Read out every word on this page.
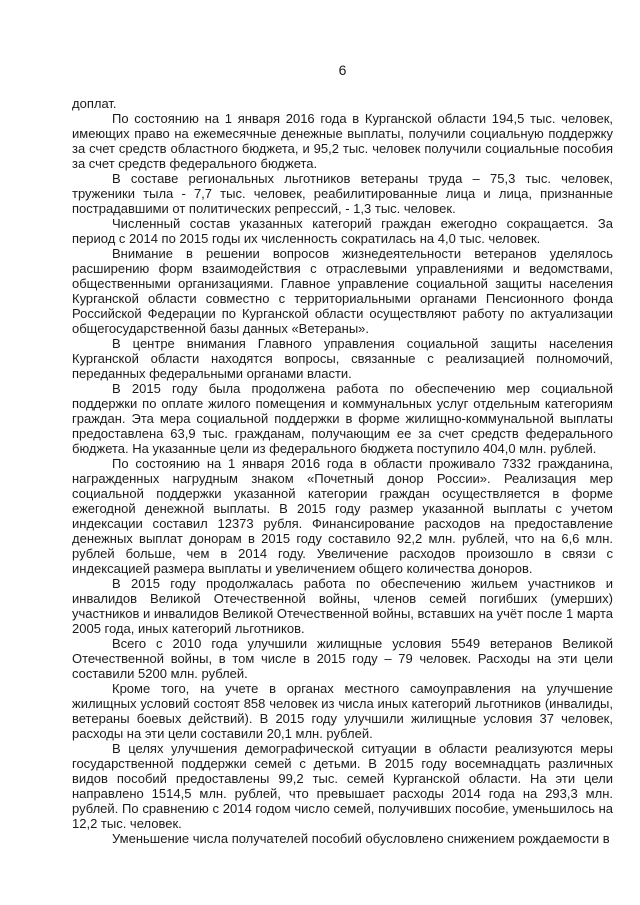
6

доплат.

По состоянию на 1 января 2016 года в Курганской области 194,5 тыс. человек, имеющих право на ежемесячные денежные выплаты, получили социальную поддержку за счет средств областного бюджета, и 95,2 тыс. человек получили социальные пособия за счет средств федерального бюджета.

В составе региональных льготников ветераны труда – 75,3 тыс. человек, труженики тыла - 7,7 тыс. человек, реабилитированные лица и лица, признанные пострадавшими от политических репрессий, - 1,3 тыс. человек.

Численный состав указанных категорий граждан ежегодно сокращается. За период с 2014 по 2015 годы их численность сократилась на 4,0 тыс. человек.

Внимание в решении вопросов жизнедеятельности ветеранов уделялось расширению форм взаимодействия с отраслевыми управлениями и ведомствами, общественными организациями. Главное управление социальной защиты населения Курганской области совместно с территориальными органами Пенсионного фонда Российской Федерации по Курганской области осуществляют работу по актуализации общегосударственной базы данных «Ветераны».

В центре внимания Главного управления социальной защиты населения Курганской области находятся вопросы, связанные с реализацией полномочий, переданных федеральными органами власти.

В 2015 году была продолжена работа по обеспечению мер социальной поддержки по оплате жилого помещения и коммунальных услуг отдельным категориям граждан. Эта мера социальной поддержки в форме жилищно-коммунальной выплаты предоставлена 63,9 тыс. гражданам, получающим ее за счет средств федерального бюджета. На указанные цели из федерального бюджета поступило 404,0 млн. рублей.

По состоянию на 1 января 2016 года в области проживало 7332 гражданина, награжденных нагрудным знаком «Почетный донор России». Реализация мер социальной поддержки указанной категории граждан осуществляется в форме ежегодной денежной выплаты. В 2015 году размер указанной выплаты с учетом индексации составил 12373 рубля. Финансирование расходов на предоставление денежных выплат донорам в 2015 году составило 92,2 млн. рублей, что на 6,6 млн. рублей больше, чем в 2014 году. Увеличение расходов произошло в связи с индексацией размера выплаты и увеличением общего количества доноров.

В 2015 году продолжалась работа по обеспечению жильем участников и инвалидов Великой Отечественной войны, членов семей погибших (умерших) участников и инвалидов Великой Отечественной войны, вставших на учёт после 1 марта 2005 года, иных категорий льготников.

Всего с 2010 года улучшили жилищные условия 5549 ветеранов Великой Отечественной войны, в том числе в 2015 году – 79 человек. Расходы на эти цели составили 5200 млн. рублей.

Кроме того, на учете в органах местного самоуправления на улучшение жилищных условий состоят 858 человек из числа иных категорий льготников (инвалиды, ветераны боевых действий). В 2015 году улучшили жилищные условия 37 человек, расходы на эти цели составили 20,1 млн. рублей.

В целях улучшения демографической ситуации в области реализуются меры государственной поддержки семей с детьми. В 2015 году восемнадцать различных видов пособий предоставлены 99,2 тыс. семей Курганской области. На эти цели направлено 1514,5 млн. рублей, что превышает расходы 2014 года на 293,3 млн. рублей. По сравнению с 2014 годом число семей, получивших пособие, уменьшилось на 12,2 тыс. человек.

Уменьшение числа получателей пособий обусловлено снижением рождаемости в
